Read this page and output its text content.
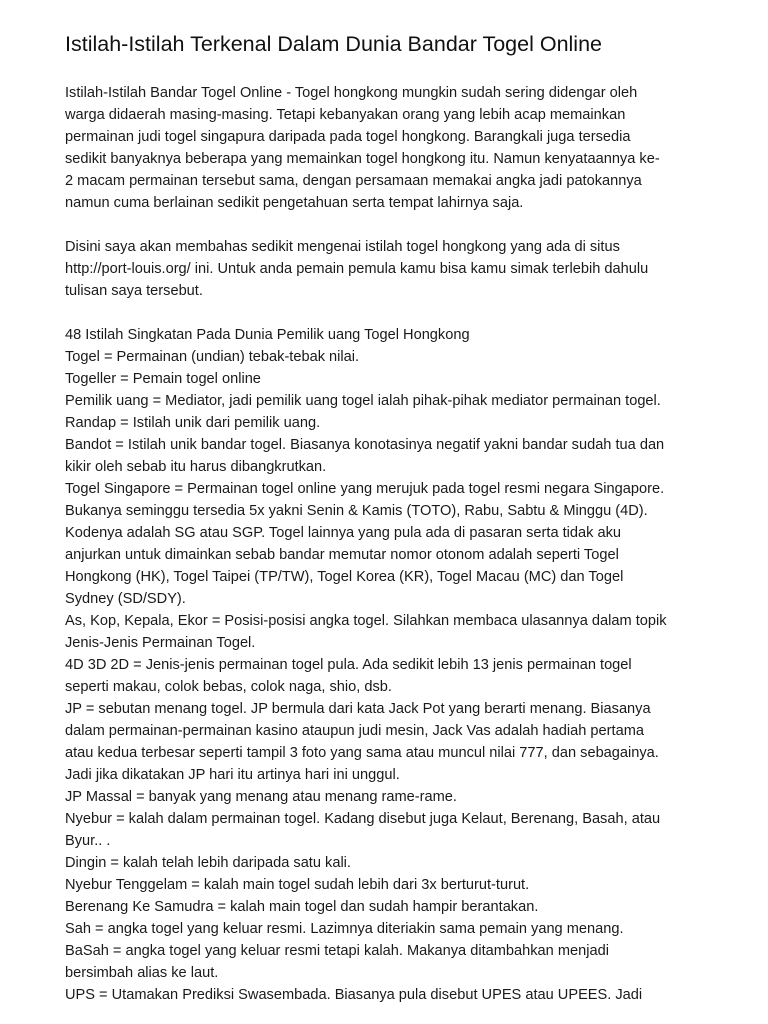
Istilah-Istilah Terkenal Dalam Dunia Bandar Togel Online

Istilah-Istilah Bandar Togel Online - Togel hongkong mungkin sudah sering didengar oleh
warga didaerah masing-masing. Tetapi kebanyakan orang yang lebih acap memainkan
permainan judi togel singapura daripada pada togel hongkong. Barangkali juga tersedia
sedikit banyaknya beberapa yang memainkan togel hongkong itu. Namun kenyataannya ke-
2 macam permainan tersebut sama, dengan persamaan memakai angka jadi patokannya
namun cuma berlainan sedikit pengetahuan serta tempat lahirnya saja.

Disini saya akan membahas sedikit mengenai istilah togel hongkong yang ada di situs
http://port-louis.org/ ini. Untuk anda pemain pemula kamu bisa kamu simak terlebih dahulu
tulisan saya tersebut.

48 Istilah Singkatan Pada Dunia Pemilik uang Togel Hongkong

Togel = Permainan (undian) tebak-tebak nilai.

Togeller = Pemain togel online

Pemilik uang = Mediator, jadi pemilik uang togel ialah pihak-pihak mediator permainan togel.

Randap = Istilah unik dari pemilik uang.

Bandot = Istilah unik bandar togel. Biasanya konotasinya negatif yakni bandar sudah tua dan
kikir oleh sebab itu harus dibangkrutkan.

Togel Singapore = Permainan togel online yang merujuk pada togel resmi negara Singapore.
Bukanya seminggu tersedia 5x yakni Senin & Kamis (TOTO), Rabu, Sabtu & Minggu (4D).
Kodenya adalah SG atau SGP. Togel lainnya yang pula ada di pasaran serta tidak aku
anjurkan untuk dimainkan sebab bandar memutar nomor otonom adalah seperti Togel
Hongkong (HK), Togel Taipei (TP/TW), Togel Korea (KR), Togel Macau (MC) dan Togel
Sydney (SD/SDY).

As, Kop, Kepala, Ekor = Posisi-posisi angka togel. Silahkan membaca ulasannya dalam topik
Jenis-Jenis Permainan Togel.

4D 3D 2D = Jenis-jenis permainan togel pula. Ada sedikit lebih 13 jenis permainan togel
seperti makau, colok bebas, colok naga, shio, dsb.

JP = sebutan menang togel. JP bermula dari kata Jack Pot yang berarti menang. Biasanya
dalam permainan-permainan kasino ataupun judi mesin, Jack Vas adalah hadiah pertama
atau kedua terbesar seperti tampil 3 foto yang sama atau muncul nilai 777, dan sebagainya.
Jadi jika dikatakan JP hari itu artinya hari ini unggul.

JP Massal = banyak yang menang atau menang rame-rame.

Nyebur = kalah dalam permainan togel. Kadang disebut juga Kelaut, Berenang, Basah, atau
Byur.. .

Dingin = kalah telah lebih daripada satu kali.

Nyebur Tenggelam = kalah main togel sudah lebih dari 3x berturut-turut.

Berenang Ke Samudra = kalah main togel dan sudah hampir berantakan.

Sah = angka togel yang keluar resmi. Lazimnya diteriakin sama pemain yang menang.

BaSah = angka togel yang keluar resmi tetapi kalah. Makanya ditambahkan menjadi
bersimbah alias ke laut.

UPS = Utamakan Prediksi Swasembada. Biasanya pula disebut UPES atau UPEES. Jadi
